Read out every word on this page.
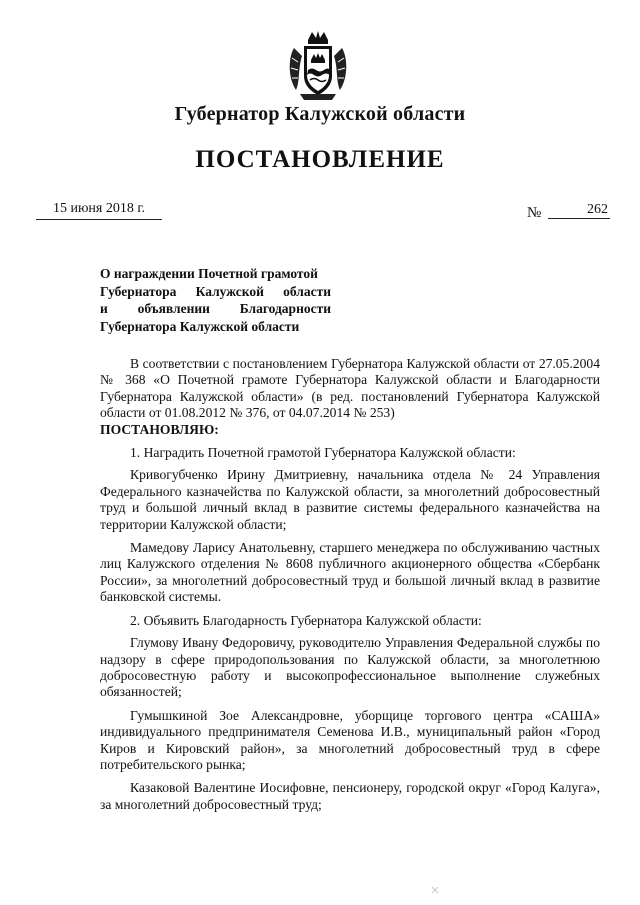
Губернатор Калужской области
ПОСТАНОВЛЕНИЕ
15 июня 2018 г.	№	262
О награждении Почетной грамотой
Губернатора Калужской области
и объявлении Благодарности
Губернатора Калужской области

В соответствии с постановлением Губернатора Калужской области от 27.05.2004 № 368 «О Почетной грамоте Губернатора Калужской области и Благодарности Губернатора Калужской области» (в ред. постановлений Губернатора Калужской области от 01.08.2012 № 376, от 04.07.2014 № 253)

ПОСТАНОВЛЯЮ:

1. Наградить Почетной грамотой Губернатора Калужской области:

Кривогубченко Ирину Дмитриевну, начальника отдела № 24 Управления Федерального казначейства по Калужской области, за многолетний добросовестный труд и большой личный вклад в развитие системы федерального казначейства на территории Калужской области;

Мамедову Ларису Анатольевну, старшего менеджера по обслуживанию частных лиц Калужского отделения № 8608 публичного акционерного общества «Сбербанк России», за многолетний добросовестный труд и большой личный вклад в развитие банковской системы.

2. Объявить Благодарность Губернатора Калужской области:

Глумову Ивану Федоровичу, руководителю Управления Федеральной службы по надзору в сфере природопользования по Калужской области, за многолетнюю добросовестную работу и высокопрофессиональное выполнение служебных обязанностей;

Гумышкиной Зое Александровне, уборщице торгового центра «САША» индивидуального предпринимателя Семенова И.В., муниципальный район «Город Киров и Кировский район», за многолетний добросовестный труд в сфере потребительского рынка;

Казаковой Валентине Иосифовне, пенсионеру, городской округ «Город Калуга», за многолетний добросовестный труд;
